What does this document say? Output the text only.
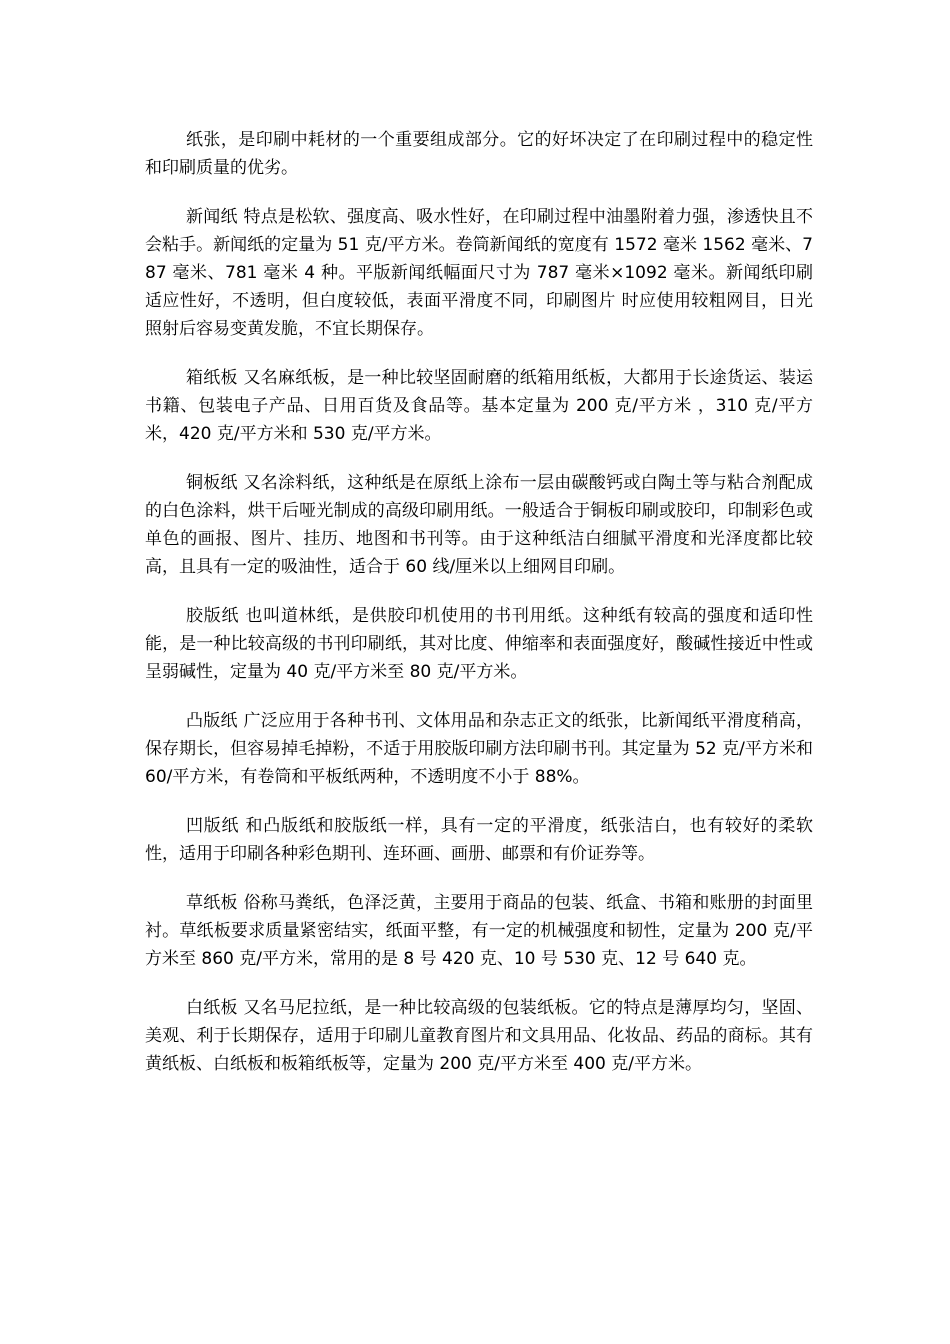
纸张，是印刷中耗材的一个重要组成部分。它的好坏决定了在印刷过程中的稳定性和印刷质量的优劣。

新闻纸 特点是松软、强度高、吸水性好，在印刷过程中油墨附着力强，渗透快且不会粘手。新闻纸的定量为 51 克/平方米。卷筒新闻纸的宽度有 1572 毫米 1562 毫米、787 毫米、781 毫米 4 种。平版新闻纸幅面尺寸为 787 毫米×1092 毫米。新闻纸印刷适应性好，不透明，但白度较低，表面平滑度不同，印刷图片 时应使用较粗网目，日光照射后容易变黄发脆，不宜长期保存。

箱纸板 又名麻纸板，是一种比较坚固耐磨的纸箱用纸板，大都用于长途货运、装运书籍、包装电子产品、日用百货及食品等。基本定量为 200 克/平方米 ，310 克/平方米，420 克/平方米和 530 克/平方米。

铜板纸 又名涂料纸，这种纸是在原纸上涂布一层由碳酸钙或白陶土等与粘合剂配成的白色涂料，烘干后哑光制成的高级印刷用纸。一般适合于铜板印刷或胶印，印制彩色或 单色的画报、图片、挂历、地图和书刊等。由于这种纸洁白细腻平滑度和光泽度都比较高，且具有一定的吸油性，适合于 60 线/厘米以上细网目印刷。

胶版纸 也叫道林纸，是供胶印机使用的书刊用纸。这种纸有较高的强度和适印性能，是一种比较高级的书刊印刷纸，其对比度、伸缩率和表面强度好，酸碱性接近中性或呈弱碱性，定量为 40 克/平方米至 80 克/平方米。

凸版纸 广泛应用于各种书刊、文体用品和杂志正文的纸张，比新闻纸平滑度稍高，保存期长，但容易掉毛掉粉，不适于用胶版印刷方法印刷书刊。其定量为 52 克/平方米和 60/平方米，有卷筒和平板纸两种，不透明度不小于 88%。

凹版纸 和凸版纸和胶版纸一样，具有一定的平滑度，纸张洁白，也有较好的柔软性，适用于印刷各种彩色期刊、连环画、画册、邮票和有价证券等。

草纸板 俗称马粪纸，色泽泛黄，主要用于商品的包装、纸盒、书箱和账册的封面里衬。草纸板要求质量紧密结实，纸面平整，有一定的机械强度和韧性，定量为 200 克/平方米至 860 克/平方米，常用的是 8 号 420 克、10 号 530 克、12 号 640 克。

白纸板 又名马尼拉纸，是一种比较高级的包装纸板。它的特点是薄厚均匀，坚固、美观、利于长期保存，适用于印刷儿童教育图片和文具用品、化妆品、药品的商标。其有黄纸板、白纸板和板箱纸板等，定量为 200 克/平方米至 400 克/平方米。
